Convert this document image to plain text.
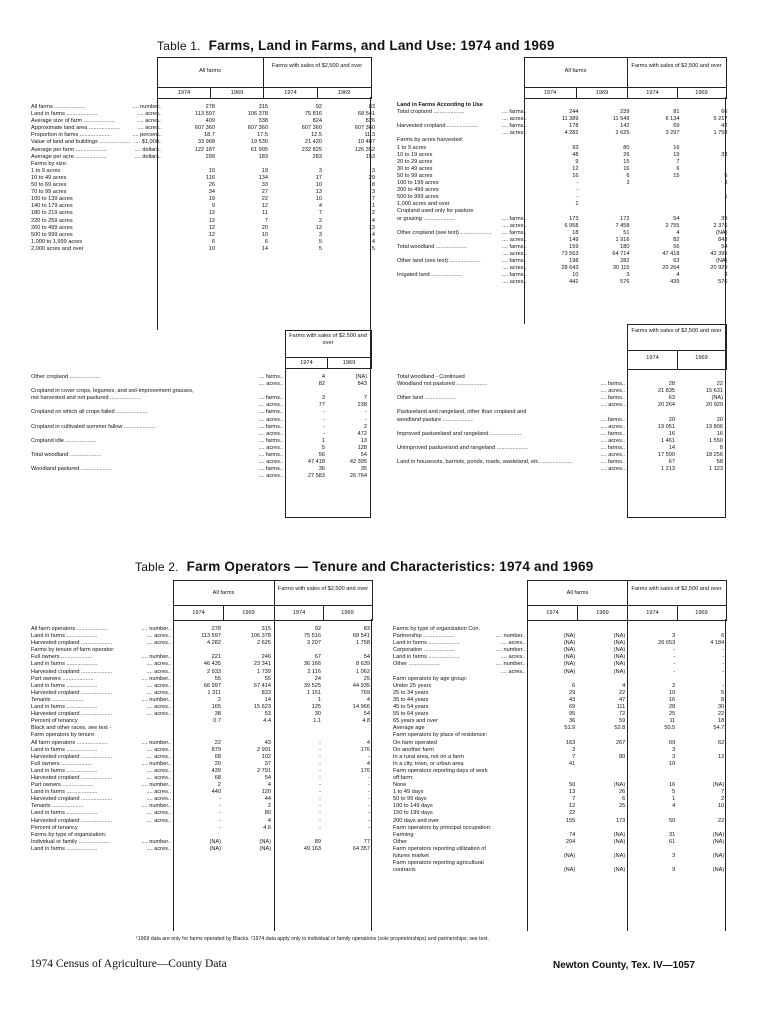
Table 1. Farms, Land in Farms, and Land Use: 1974 and 1969
All farms
Farms with sales of $2,500 and over
1974	1969	1974	1969
All farms
Farms with sales of $2,500 and over
1974	1969	1974	1969
All farms ....................	.... number..	278	315	92	83

Land in farms ....................	.... acres..	113 597	106 378	75 816	68 541
Average size of farm ....................	.... acres..	409	338	824	826

Approximate land area ....................	.... acres..	607 360	607 360	607 360	607 360
Proportion in farms ....................	.... percent..	18.7	17.5	12.5	11.3

Value of land and buildings ....................	.... $1,000..	33 968	19 530	21 420	10 487
Average per farm ....................	.... dollars..	122 187	61 905	232 825	126 352
Average per acre ....................	.... dollars..	299	183	283	153

Farms by size:					
1 to 9 acres		10	19	3	3
10 to 49 acres		116	134	17	29
50 to 69 acres		26	33	10	8
70 to 99 acres		34	27	13	3
100 to 139 acres		19	22	10	7
140 to 179 acres		9	12	4	1

180 to 219 acres		12	11	7	2
220 to 259 acres		12	7	2	4
260 to 499 acres		12	20	12	13
500 to 999 acres		12	10	3	4
1,000 to 1,999 acres		6	6	5	4
2,000 acres and over		10	14	5	5
Land in Farms According to Use					
Total cropland ....................	.... farms..	244	239	81	66
	.... acres..	11 389	11 549	6 134	5 217
Harvested cropland ....................	.... farms..	178	142	69	42
	.... acres..	4 282	2 625	3 297	1 758
Farms by acres harvested:					
1 to 9 acres		93	80	16	
10 to 19 acres		48	26	19	33
20 to 29 acres		9	15	7	
30 to 49 acres		12	16	6	

50 to 99 acres		16	6	15	5
100 to 199 acres		-	3		3
200 to 499 acres		-			
500 to 999 acres		-			1
1,000 acres and over		1			
Cropland used only for pasture					
or grazing ....................	.... farms..	173	172	54	39
	.... acres..	6 958	7 458	2 755	2 376
Other cropland (see text) ....................	.... farms..	18	51	4	(NA)
	.... acres..	149	1 916	82	843

Total woodland ....................	.... farms..	159	180	56	54
	.... acres..	73 563	64 714	47 418	42 395
Other land (see text) ....................	.... farms..	198	282	63	(NA)
	.... acres..	28 643	30 115	20 264	20 929
Irrigated land ....................	.... farms..	10	3	4	3
	.... acres..	442	576	439	576
Farms with sales of $2,500 and over
1974	1969
Farms with sales of $2,500 and over
1974	1969
Other cropland ....................	.... farms..	4	(NA)
	.... acres..	82	843
Cropland in cover crops, legumes, and soil-improvement grasses,			
not harvested and not pastured ....................	.... farms..	3	7
	.... acres..	77	238
Cropland on which all crops failed ....................	.... farms..	-	-
	.... acres..	-	-
Cropland in cultivated summer fallow ....................	.... farms..	-	2
	.... acres..	-	472
Cropland idle ....................	.... farms..	1	13
	.... acres..	5	128
Total woodland ....................	.... farms..	56	54
	.... acres..	47 418	42 395
Woodland pastured ....................	.... farms..	36	35
	.... acres..	27 583	26 764
Total woodland - Continued			
Woodland not pastured ....................	.... farms..	28	22
	.... acres..	21 835	15 631
Other land ....................	.... farms..	63	(NA)
	.... acres..	20 264	20 929
Pastureland and rangeland, other than cropland and			
woodland pasture ....................	.... farms..	20	20
	.... acres..	19 051	19 806
Improved pastureland and rangeland ....................	.... farms..	16	16
	.... acres..	1 461	1 550
Unimproved pastureland and rangeland ....................	.... farms..	14	8
	.... acres..	17 590	18 256
Land in housesots, barriots, ponds, roads, wasteland, etc. ....................	.... farms..	67	58
	.... acres..	1 213	1 123
Table 2. Farm Operators — Tenure and Characteristics: 1974 and 1969
All farms
Farms with sales of $2,500 and over
1974	1969	1974	1969
All farms
Farms with sales of $2,500 and over
1974	1969	1974	1969
All farm operators ....................	.... number..	278	315	92	83
Land in farms ....................	.... acres..	113 597	106 378	75 516	68 541
Harvested cropland ....................	.... acres..	4 282	2 625	3 297	1 758
Farms by tenure of farm operator:					
Full owners ....................	.... number..	221	246	67	54
Land in farms ....................	.... acres..	46 435	23 341	36 166	8 639
Harvested cropland ....................	.... acres..	2 933	1 739	2 116	1 062

Part owners ....................	.... number..	55	55	24	25
Land in farms ....................	.... acres..	66 997	67 414	39 525	44 935
Harvested cropland ....................	.... acres..	1 311	833	1 151	769

Tenants ....................	.... number..	2	14	1	4
Land in farms ....................	.... acres..	165	15 623	125	14 966
Harvested cropland ....................	.... acres..	38	53	30	54
Percent of tenancy		0.7	4.4	1.1	4.8

Black and other races, see text -					
Farm operators by tenure:					
All farm operators ....................	.... number..	22	43	-	4
Land in farms ....................	.... acres..	879	2 991	-	176
Harvested cropland ....................	.... acres..	68	102	-	-

Full owners ....................	.... number..	20	37	-	4
Land in farms ....................	.... acres..	439	2 791	-	176
Harvested cropland ....................	.... acres..	68	54	-	-

Part owners ....................	.... number..	2	4	-	-
Land in farms ....................	.... acres..	440	120	-	-
Harvested cropland ....................	.... acres..	-	44	-	-
Tenants ....................	.... number..	-	2	-	-
Land in farms ....................	.... acres..	-	80	-	-
Harvested cropland ....................	.... acres..	-	4	-	-

Percent of tenancy		-	4.6	-	-

Farms by type of organization:					
Individual or family ....................	.... number..	(NA)	(NA)	89	77
Land in farms ....................	.... acres..	(NA)	(NA)	49 163	64 357
Farms by type of organization Con.					
Partnership ....................	.... number..	(NA)	(NA)	3	6
Land in farms ....................	.... acres..	(NA)	(NA)	26 653	4 184

Corporation ....................	.... number..	(NA)	(NA)	-	-
Land in farms ....................	.... acres..	(NA)	(NA)	-	-
Other ....................	.... number..	(NA)	(NA)	-	-
	.... acres..	(NA)	(NA)	-	-

Farm operators by age group:					
Under 25 years		6	4	2	-
25 to 34 years		29	22	10	5
35 to 44 years		43	47	16	8
45 to 54 years		69	111	28	30
55 to 64 years		95	72	25	22
65 years and over		36	59	11	18
Average age		51.9	52.8	50.5	54.7
Farm operators by place of residence:					
On farm operated		163	267	69	62
On another farm		3		3	
In a rural area, not on a farm		7	80	3	12
In a city, town, or urban area		41		10	
Farm operators reporting days of work					
off farm:					
None		50	(NA)	16	(NA)
1 to 49 days		13	26	5	7
50 to 99 days		7	6	1	2
100 to 149 days		12	25	4	10
150 to 199 days		22			
200 days and over		155	173	50	22
Farm operators by principal occupation:					
Farming		74	(NA)	31	(NA)
Other		204	(NA)	61	(NA)
Farm operators reporting utilization of					
futures market		(NA)	(NA)	3	(NA)
Farm operators reporting agricultural					
contracts		(NA)	(NA)	9	(NA)
¹1969 data are only for farms operated by Blacks. ²1974 data apply only to individual or family operations (sole proprietorships) and partnerships; see text.
1974 Census of Agriculture—County Data	Newton County, Tex. IV—1057
